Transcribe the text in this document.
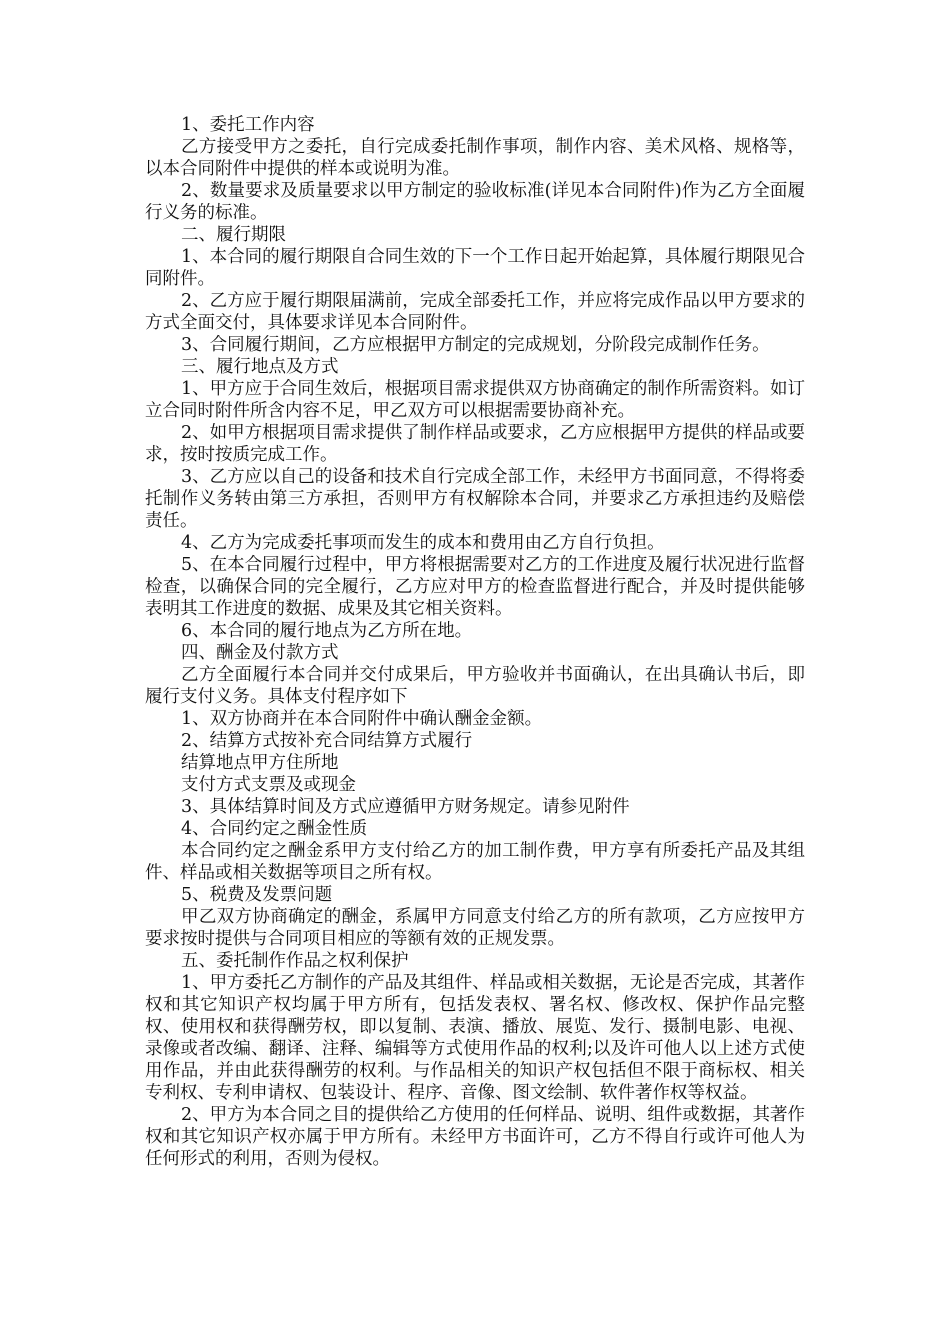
1、委托工作内容

乙方接受甲方之委托，自行完成委托制作事项，制作内容、美术风格、规格等，以本合同附件中提供的样本或说明为准。

2、数量要求及质量要求以甲方制定的验收标准(详见本合同附件)作为乙方全面履行义务的标准。

二、履行期限

1、本合同的履行期限自合同生效的下一个工作日起开始起算，具体履行期限见合同附件。

2、乙方应于履行期限届满前，完成全部委托工作，并应将完成作品以甲方要求的方式全面交付，具体要求详见本合同附件。

3、合同履行期间，乙方应根据甲方制定的完成规划，分阶段完成制作任务。

三、履行地点及方式

1、甲方应于合同生效后，根据项目需求提供双方协商确定的制作所需资料。如订立合同时附件所含内容不足，甲乙双方可以根据需要协商补充。

2、如甲方根据项目需求提供了制作样品或要求，乙方应根据甲方提供的样品或要求，按时按质完成工作。

3、乙方应以自己的设备和技术自行完成全部工作，未经甲方书面同意，不得将委托制作义务转由第三方承担，否则甲方有权解除本合同，并要求乙方承担违约及赔偿责任。

4、乙方为完成委托事项而发生的成本和费用由乙方自行负担。

5、在本合同履行过程中，甲方将根据需要对乙方的工作进度及履行状况进行监督检查，以确保合同的完全履行，乙方应对甲方的检查监督进行配合，并及时提供能够表明其工作进度的数据、成果及其它相关资料。

6、本合同的履行地点为乙方所在地。

四、酬金及付款方式

乙方全面履行本合同并交付成果后，甲方验收并书面确认，在出具确认书后，即履行支付义务。具体支付程序如下

1、双方协商并在本合同附件中确认酬金金额。

2、结算方式按补充合同结算方式履行

结算地点甲方住所地

支付方式支票及或现金

3、具体结算时间及方式应遵循甲方财务规定。请参见附件

4、合同约定之酬金性质

本合同约定之酬金系甲方支付给乙方的加工制作费，甲方享有所委托产品及其组件、样品或相关数据等项目之所有权。

5、税费及发票问题

甲乙双方协商确定的酬金，系属甲方同意支付给乙方的所有款项，乙方应按甲方要求按时提供与合同项目相应的等额有效的正规发票。

五、委托制作作品之权利保护

1、甲方委托乙方制作的产品及其组件、样品或相关数据，无论是否完成，其著作权和其它知识产权均属于甲方所有，包括发表权、署名权、修改权、保护作品完整权、使用权和获得酬劳权，即以复制、表演、播放、展览、发行、摄制电影、电视、录像或者改编、翻译、注释、编辑等方式使用作品的权利;以及许可他人以上述方式使用作品，并由此获得酬劳的权利。与作品相关的知识产权包括但不限于商标权、相关专利权、专利申请权、包装设计、程序、音像、图文绘制、软件著作权等权益。

2、甲方为本合同之目的提供给乙方使用的任何样品、说明、组件或数据，其著作权和其它知识产权亦属于甲方所有。未经甲方书面许可，乙方不得自行或许可他人为任何形式的利用，否则为侵权。
